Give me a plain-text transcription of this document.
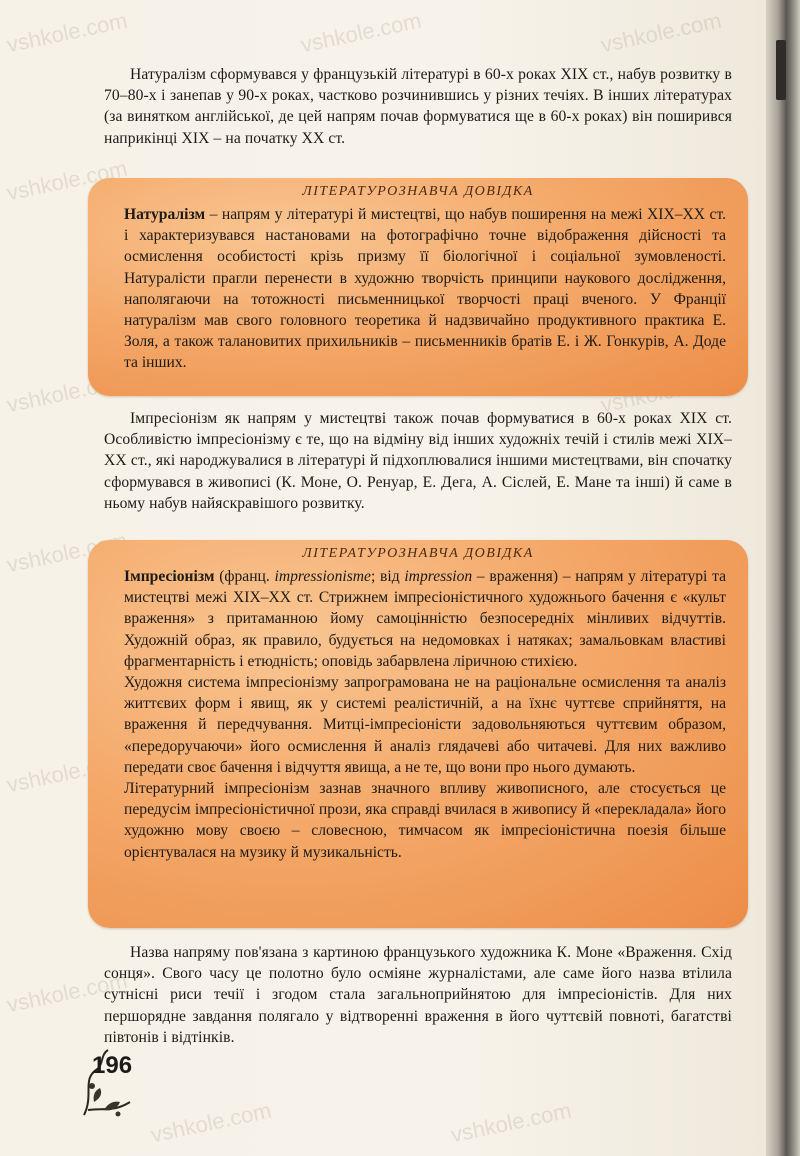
Натуралізм сформувався у французькій літературі в 60-х роках XIX ст., набув розвитку в 70–80-х і занепав у 90-х роках, частково розчинившись у різних течіях. В інших літературах (за винятком англійської, де цей напрям почав формуватися ще в 60-х роках) він поширився наприкінці XIX – на початку XX ст.

ЛІТЕРАТУРОЗНАВЧА ДОВІДКА

Натуралізм – напрям у літературі й мистецтві, що набув поширення на межі XIX–XX ст. і характеризувався настановами на фотографічно точне відображення дійсності та осмислення особистості крізь призму її біологічної і соціальної зумовленості. Натуралісти прагли перенести в художню творчість принципи наукового дослідження, наполягаючи на тотожності письменницької творчості праці вченого. У Франції натуралізм мав свого головного теоретика й надзвичайно продуктивного практика Е. Золя, а також талановитих прихильників – письменників братів Е. і Ж. Гонкурів, А. Доде та інших.

Імпресіонізм як напрям у мистецтві також почав формуватися в 60-х роках XIX ст. Особливістю імпресіонізму є те, що на відміну від інших художніх течій і стилів межі XIX–XX ст., які народжувалися в літературі й підхоплювалися іншими мистецтвами, він спочатку сформувався в живописі (К. Моне, О. Ренуар, Е. Дега, А. Сіслей, Е. Мане та інші) й саме в ньому набув найяскравішого розвитку.

ЛІТЕРАТУРОЗНАВЧА ДОВІДКА

Імпресіонізм (франц. impressionisme; від impression – враження) – напрям у літературі та мистецтві межі XIX–XX ст. Стрижнем імпресіоністичного художнього бачення є «культ враження» з притаманною йому самоцінністю безпосередніх мінливих відчуттів. Художній образ, як правило, будується на недомовках і натяках; замальовкам властиві фрагментарність і етюдність; оповідь забарвлена ліричною стихією.

Художня система імпресіонізму запрограмована не на раціональне осмислення та аналіз життєвих форм і явищ, як у системі реалістичній, а на їхнє чуттєве сприйняття, на враження й передчування. Митці-імпресіоністи задовольняються чуттєвим образом, «передоручаючи» його осмислення й аналіз глядачеві або читачеві. Для них важливо передати своє бачення і відчуття явища, а не те, що вони про нього думають.

Літературний імпресіонізм зазнав значного впливу живописного, але стосується це передусім імпресіоністичної прози, яка справді вчилася в живопису й «перекладала» його художню мову своєю – словесною, тимчасом як імпресіоністична поезія більше орієнтувалася на музику й музикальність.

Назва напряму пов'язана з картиною французького художника К. Моне «Враження. Схід сонця». Свого часу це полотно було осміяне журналістами, але саме його назва втілила сутнісні риси течії і згодом стала загальноприйнятою для імпресіоністів. Для них першорядне завдання полягало у відтворенні враження в його чуттєвій повноті, багатстві півтонів і відтінків.

196
